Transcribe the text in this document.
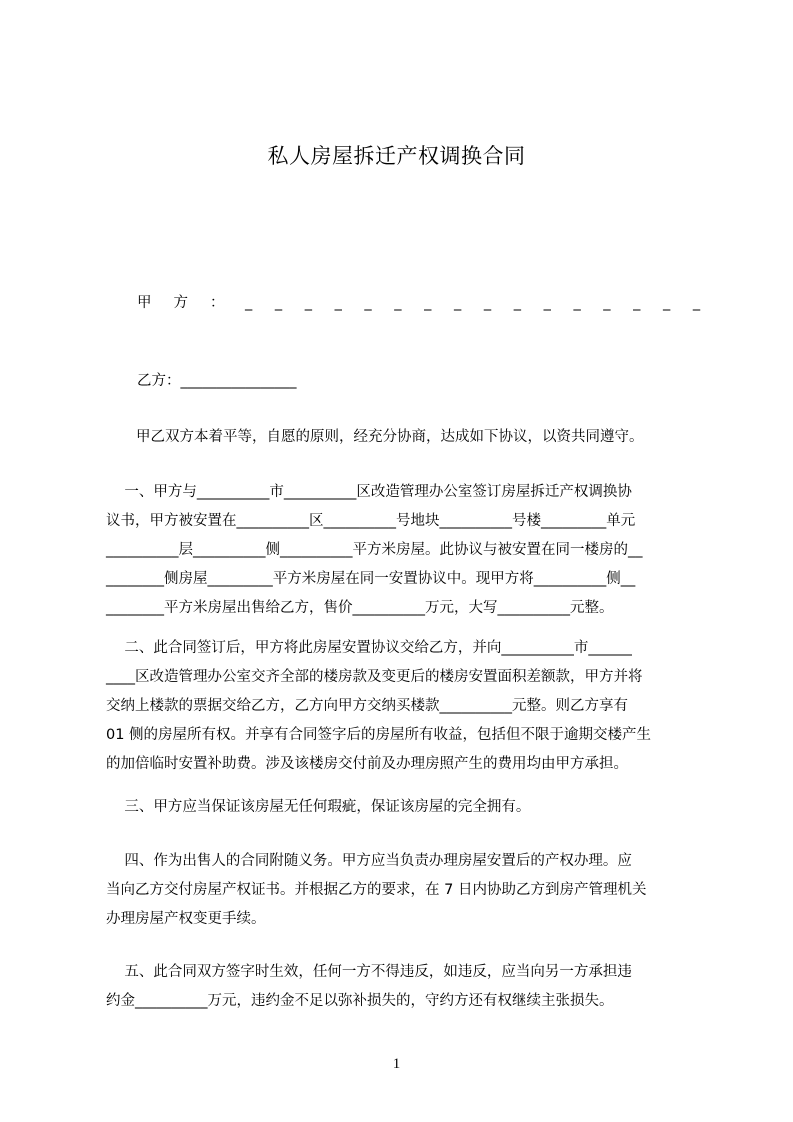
私人房屋拆迁产权调换合同
甲方：_ _ _ _ _ _ _ _ _ _ _ _ _ _ _ _
乙方：________________
甲乙双方本着平等，自愿的原则，经充分协商，达成如下协议，以资共同遵守。
一、甲方与__________市__________区改造管理办公室签订房屋拆迁产权调换协
议书，甲方被安置在__________区__________号地块__________号楼_________单元
__________层__________侧__________平方米房屋。此协议与被安置在同一楼房的__
________侧房屋_________平方米房屋在同一安置协议中。现甲方将__________侧__
________平方米房屋出售给乙方，售价__________万元，大写__________元整。
二、此合同签订后，甲方将此房屋安置协议交给乙方，并向__________市______
____区改造管理办公室交齐全部的楼房款及变更后的楼房安置面积差额款，甲方并将
交纳上楼款的票据交给乙方，乙方向甲方交纳买楼款__________元整。则乙方享有
01 侧的房屋所有权。并享有合同签字后的房屋所有收益，包括但不限于逾期交楼产生
的加倍临时安置补助费。涉及该楼房交付前及办理房照产生的费用均由甲方承担。
三、甲方应当保证该房屋无任何瑕疵，保证该房屋的完全拥有。
四、作为出售人的合同附随义务。甲方应当负责办理房屋安置后的产权办理。应
当向乙方交付房屋产权证书。并根据乙方的要求，在 7 日内协助乙方到房产管理机关
办理房屋产权变更手续。
五、此合同双方签字时生效，任何一方不得违反，如违反，应当向另一方承担违
约金__________万元，违约金不足以弥补损失的，守约方还有权继续主张损失。
1
